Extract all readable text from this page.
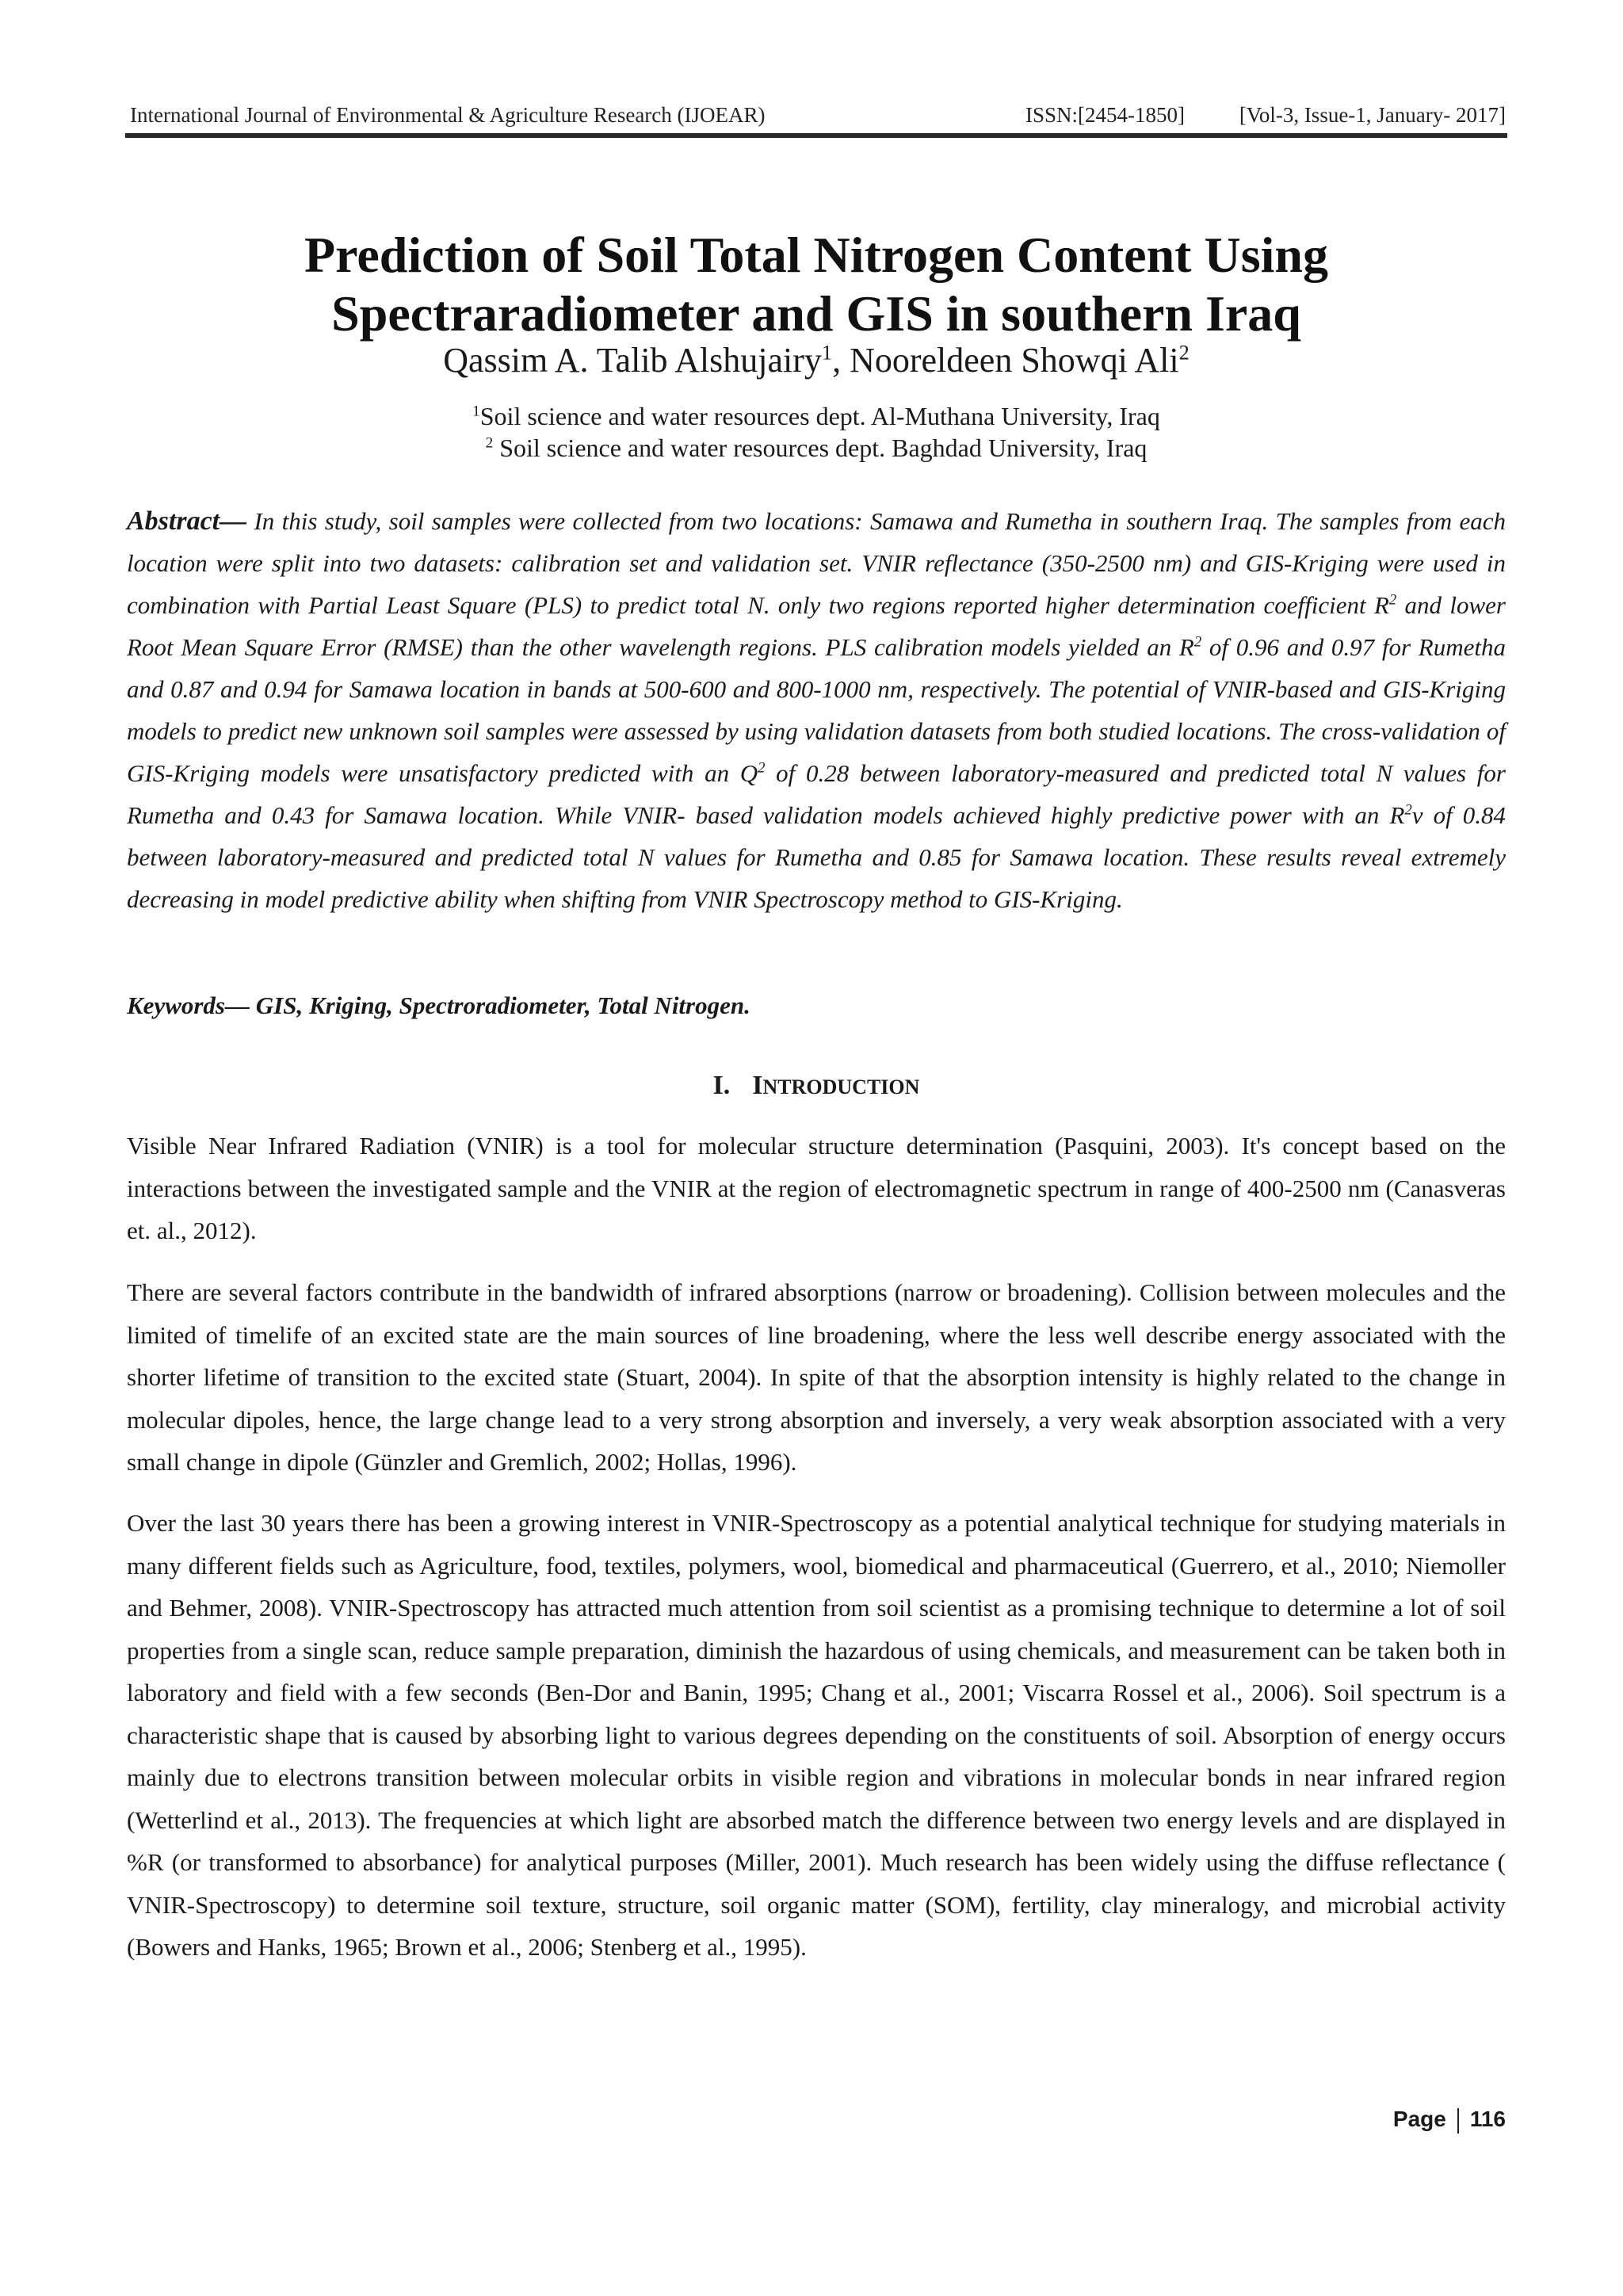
International Journal of Environmental & Agriculture Research (IJOEAR)	ISSN:[2454-1850]	[Vol-3, Issue-1, January- 2017]
Prediction of Soil Total Nitrogen Content Using
Spectraradiometer and GIS in southern Iraq
Qassim A. Talib Alshujairy$^1$, Nooreldeen Showqi Ali$^2$
$^1$Soil science and water resources dept. Al-Muthana University, Iraq
$^2$ Soil science and water resources dept. Baghdad University, Iraq
Abstract— In this study, soil samples were collected from two locations: Samawa and Rumetha in southern Iraq. The samples from each location were split into two datasets: calibration set and validation set. VNIR reflectance (350-2500 nm) and GIS-Kriging were used in combination with Partial Least Square (PLS) to predict total N. only two regions reported higher determination coefficient $R^2$ and lower Root Mean Square Error (RMSE) than the other wavelength regions. PLS calibration models yielded an $R^2$ of 0.96 and 0.97 for Rumetha and 0.87 and 0.94 for Samawa location in bands at 500-600 and 800-1000 nm, respectively. The potential of VNIR-based and GIS-Kriging models to predict new unknown soil samples were assessed by using validation datasets from both studied locations. The cross-validation of GIS-Kriging models were unsatisfactory predicted with an $Q^2$ of 0.28 between laboratory-measured and predicted total N values for Rumetha and 0.43 for Samawa location. While VNIR- based validation models achieved highly predictive power with an $R^2v$ of 0.84 between laboratory-measured and predicted total N values for Rumetha and 0.85 for Samawa location. These results reveal extremely decreasing in model predictive ability when shifting from VNIR Spectroscopy method to GIS-Kriging.
Keywords— GIS, Kriging, Spectroradiometer, Total Nitrogen.
I. INTRODUCTION
Visible Near Infrared Radiation (VNIR) is a tool for molecular structure determination (Pasquini, 2003). It's concept based on the interactions between the investigated sample and the VNIR at the region of electromagnetic spectrum in range of 400-2500 nm (Canasveras et. al., 2012).
There are several factors contribute in the bandwidth of infrared absorptions (narrow or broadening). Collision between molecules and the limited of timelife of an excited state are the main sources of line broadening, where the less well describe energy associated with the shorter lifetime of transition to the excited state (Stuart, 2004). In spite of that the absorption intensity is highly related to the change in molecular dipoles, hence, the large change lead to a very strong absorption and inversely, a very weak absorption associated with a very small change in dipole (Günzler and Gremlich, 2002; Hollas, 1996).
Over the last 30 years there has been a growing interest in VNIR-Spectroscopy as a potential analytical technique for studying materials in many different fields such as Agriculture, food, textiles, polymers, wool, biomedical and pharmaceutical (Guerrero, et al., 2010; Niemoller and Behmer, 2008). VNIR-Spectroscopy has attracted much attention from soil scientist as a promising technique to determine a lot of soil properties from a single scan, reduce sample preparation, diminish the hazardous of using chemicals, and measurement can be taken both in laboratory and field with a few seconds (Ben-Dor and Banin, 1995; Chang et al., 2001; Viscarra Rossel et al., 2006). Soil spectrum is a characteristic shape that is caused by absorbing light to various degrees depending on the constituents of soil. Absorption of energy occurs mainly due to electrons transition between molecular orbits in visible region and vibrations in molecular bonds in near infrared region (Wetterlind et al., 2013). The frequencies at which light are absorbed match the difference between two energy levels and are displayed in %R (or transformed to absorbance) for analytical purposes (Miller, 2001). Much research has been widely using the diffuse reflectance ( VNIR-Spectroscopy) to determine soil texture, structure, soil organic matter (SOM), fertility, clay mineralogy, and microbial activity (Bowers and Hanks, 1965; Brown et al., 2006; Stenberg et al., 1995).
Page 116
